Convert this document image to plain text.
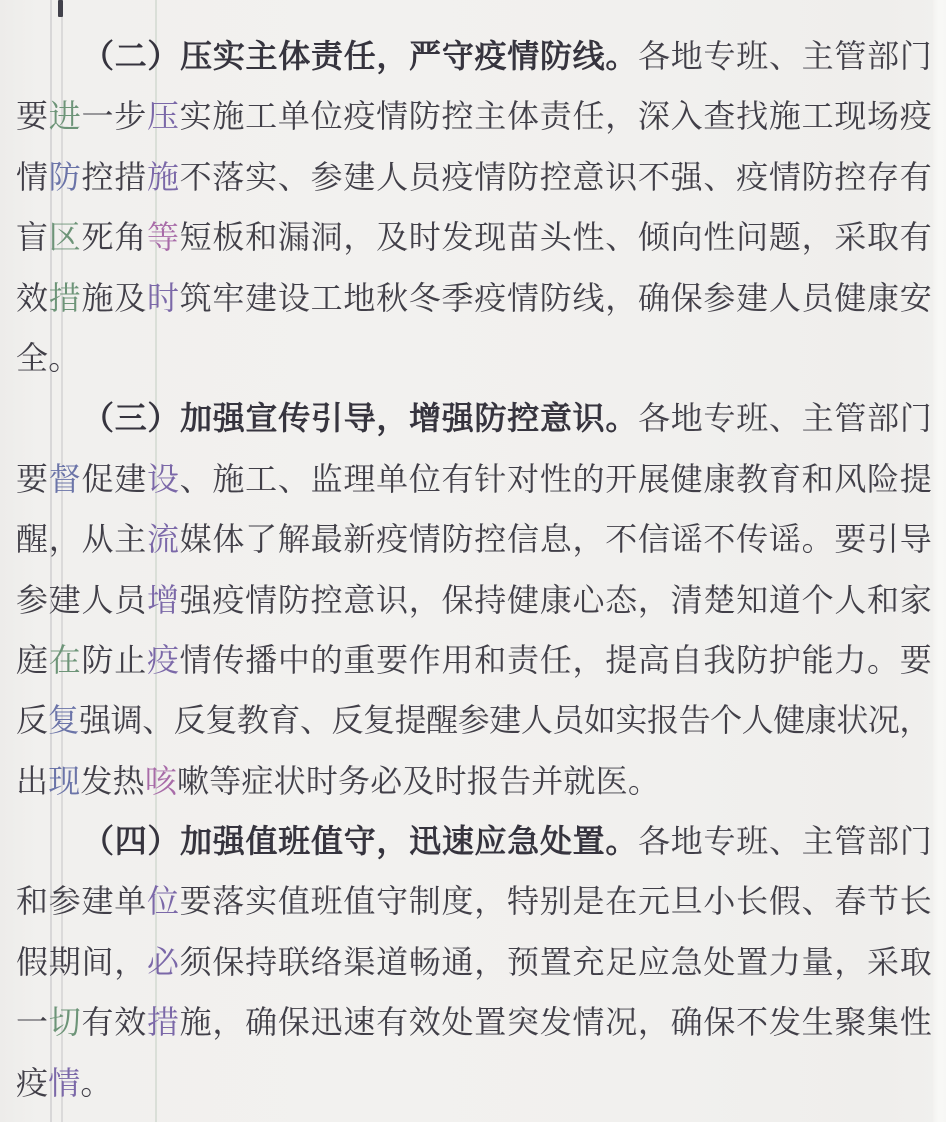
（二）压实主体责任，严守疫情防线。各地专班、主管部门
要进一步压实施工单位疫情防控主体责任，深入查找施工现场疫
情防控措施不落实、参建人员疫情防控意识不强、疫情防控存有
盲区死角等短板和漏洞，及时发现苗头性、倾向性问题，采取有
效措施及时筑牢建设工地秋冬季疫情防线，确保参建人员健康安
全。
（三）加强宣传引导，增强防控意识。各地专班、主管部门
要督促建设、施工、监理单位有针对性的开展健康教育和风险提
醒，从主流媒体了解最新疫情防控信息，不信谣不传谣。要引导
参建人员增强疫情防控意识，保持健康心态，清楚知道个人和家
庭在防止疫情传播中的重要作用和责任，提高自我防护能力。要
反复强调、反复教育、反复提醒参建人员如实报告个人健康状况，
出现发热咳嗽等症状时务必及时报告并就医。
（四）加强值班值守，迅速应急处置。各地专班、主管部门
和参建单位要落实值班值守制度，特别是在元旦小长假、春节长
假期间，必须保持联络渠道畅通，预置充足应急处置力量，采取
一切有效措施，确保迅速有效处置突发情况，确保不发生聚集性
疫情。
